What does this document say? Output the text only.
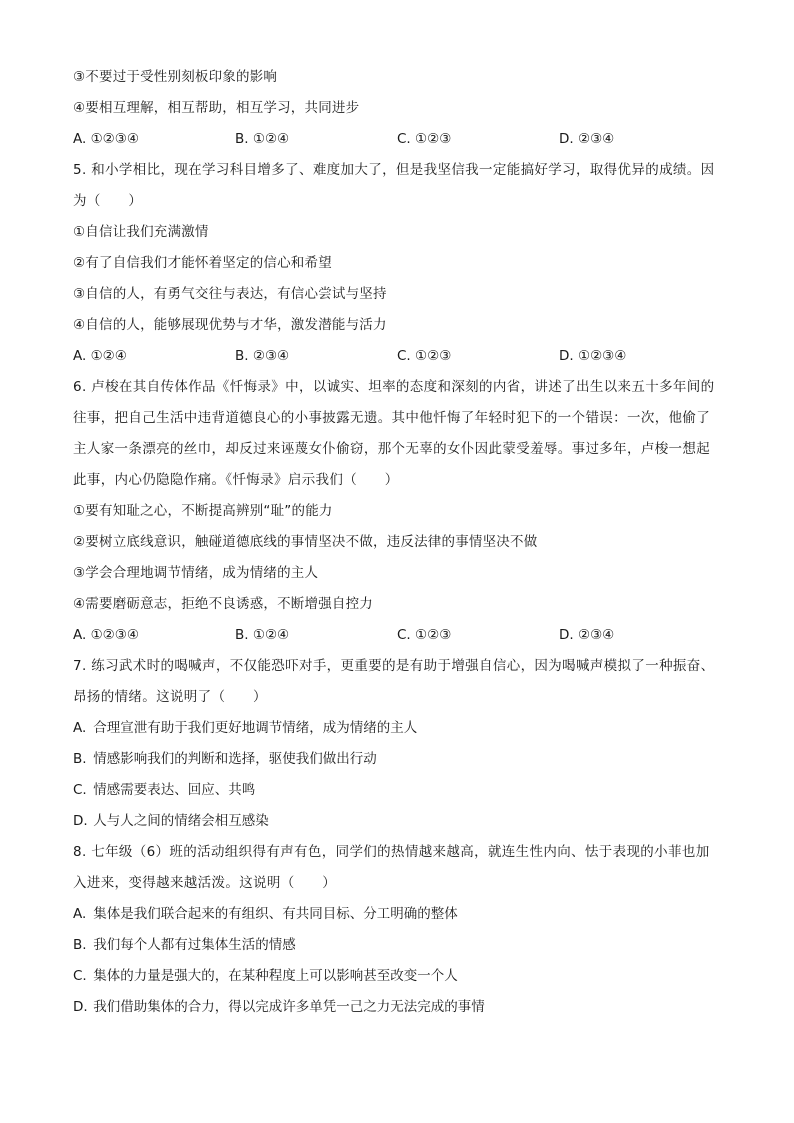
③不要过于受性别刻板印象的影响
④要相互理解，相互帮助，相互学习，共同进步
A. ①②③④	B. ①②④	C. ①②③	D. ②③④
5. 和小学相比，现在学习科目增多了、难度加大了，但是我坚信我一定能搞好学习，取得优异的成绩。因为（　　）
①自信让我们充满激情
②有了自信我们才能怀着坚定的信心和希望
③自信的人，有勇气交往与表达，有信心尝试与坚持
④自信的人，能够展现优势与才华，激发潜能与活力
A. ①②④	B. ②③④	C. ①②③	D. ①②③④
6. 卢梭在其自传体作品《忏悔录》中，以诚实、坦率的态度和深刻的内省，讲述了出生以来五十多年间的往事，把自己生活中违背道德良心的小事披露无遗。其中他忏悔了年轻时犯下的一个错误：一次，他偷了主人家一条漂亮的丝巾，却反过来诬蔑女仆偷窃，那个无辜的女仆因此蒙受羞辱。事过多年，卢梭一想起此事，内心仍隐隐作痛。《忏悔录》启示我们（　　）
①要有知耻之心，不断提高辨别“耻”的能力
②要树立底线意识，触碰道德底线的事情坚决不做，违反法律的事情坚决不做
③学会合理地调节情绪，成为情绪的主人
④需要磨砺意志，拒绝不良诱惑，不断增强自控力
A. ①②③④	B. ①②④	C. ①②③	D. ②③④
7. 练习武术时的喝喊声，不仅能恐吓对手，更重要的是有助于增强自信心，因为喝喊声模拟了一种振奋、昂扬的情绪。这说明了（　　）
A. 合理宣泄有助于我们更好地调节情绪，成为情绪的主人
B. 情感影响我们的判断和选择，驱使我们做出行动
C. 情感需要表达、回应、共鸣
D. 人与人之间的情绪会相互感染
8. 七年级（6）班的活动组织得有声有色，同学们的热情越来越高，就连生性内向、怯于表现的小菲也加入进来，变得越来越活泼。这说明（　　）
A. 集体是我们联合起来的有组织、有共同目标、分工明确的整体
B. 我们每个人都有过集体生活的情感
C. 集体的力量是强大的，在某种程度上可以影响甚至改变一个人
D. 我们借助集体的合力，得以完成许多单凭一己之力无法完成的事情
